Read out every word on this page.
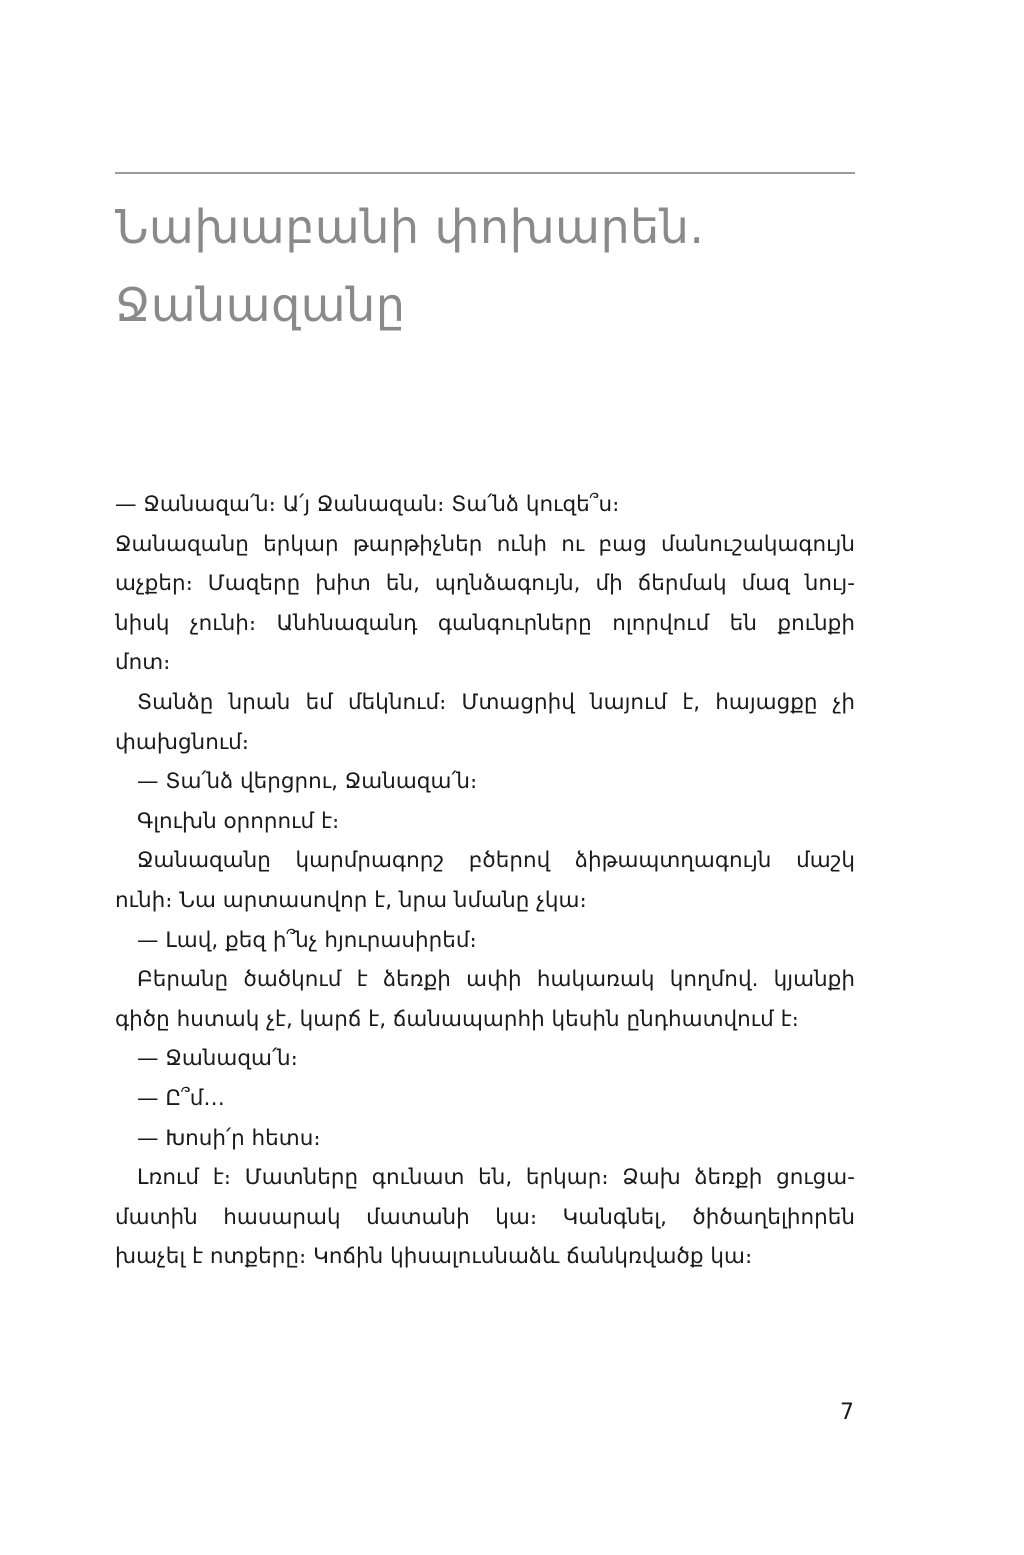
Նախաբանի փոխարեն.
Ջանազանը
— Ջանազա՛ն։ Ա՛յ Ջանազան։ Տա՛նձ կուզե՞ս։
Ջանազանը երկար թարթիչներ ունի ու բաց մանուշակագույն
աչքեր։ Մազերը խիտ են, պղնձագույն, մի ճերմակ մազ նույ-
նիսկ չունի։ Անհնազանդ գանգուրները ոլորվում են քունքի
մոտ։
Տանձը նրան եմ մեկնում։ Մտացրիվ նայում է, հայացքը չի
փախցնում։
— Տա՛նձ վերցրու, Ջանազա՛ն։
Գլուխն օրորում է։
Ջանազանը կարմրագորշ բծերով ձիթապտղագույն մաշկ
ունի։ Նա արտասովոր է, նրա նմանը չկա։
— Լավ, քեզ ի՞նչ հյուրասիրեմ։
Բերանը ծածկում է ձեռքի ափի հակառակ կողմով. կյանքի
գիծը հստակ չէ, կարճ է, ճանապարհի կեսին ընդհատվում է։
— Ջանազա՛ն։
— Ը՞մ…
— Խոսի՛ր հետս։
Լռում է։ Մատները գունատ են, երկար։ Ձախ ձեռքի ցուցա-
մատին հասարակ մատանի կա։ Կանգնել, ծիծաղելիորեն
խաչել է ոտքերը։ Կոճին կիսալուսնաձև ճանկռվածք կա։
7
